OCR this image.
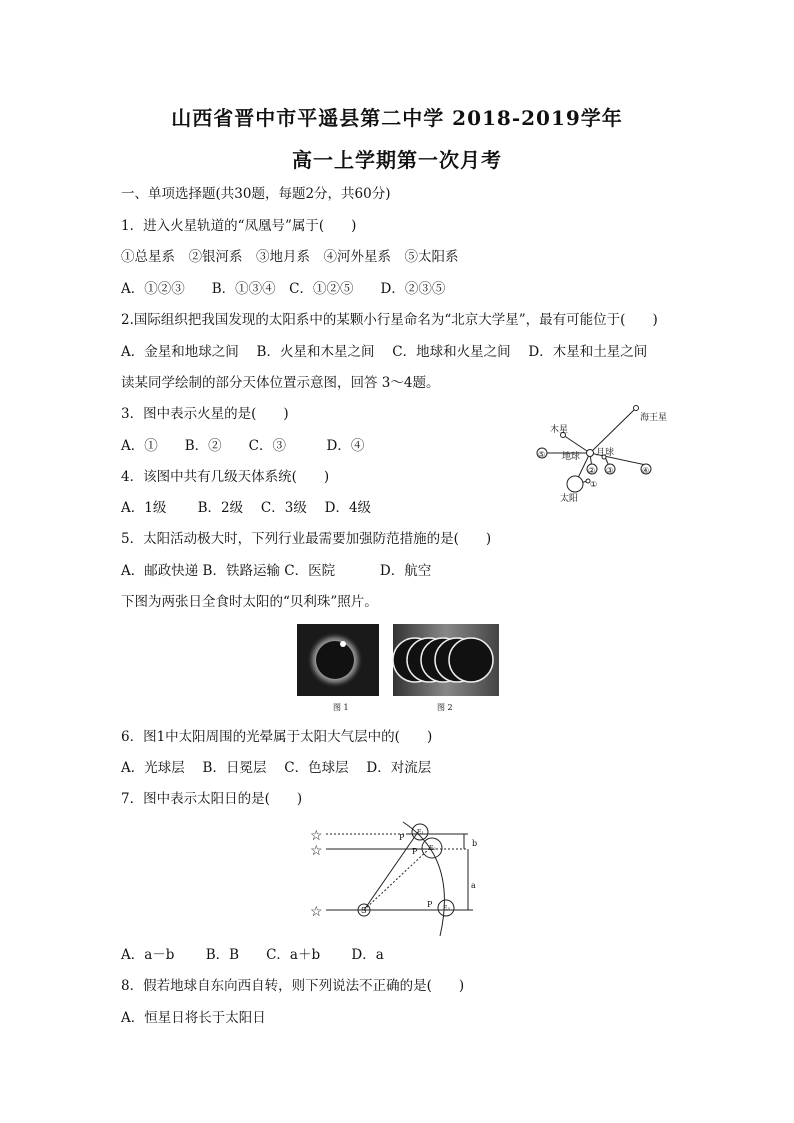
山西省晋中市平遥县第二中学 2018-2019学年
高一上学期第一次月考
一、单项选择题(共30题，每题2分，共60分)
1．进入火星轨道的“凤凰号”属于(　　)
①总星系　②银河系　③地月系　④河外星系　⑤太阳系
A．①②③　　B．①③④　C．①②⑤　　D．②③⑤
2.国际组织把我国发现的太阳系中的某颗小行星命名为“北京大学星”，最有可能位于(　　)
A．金星和地球之间　 B．火星和木星之间　 C．地球和火星之间　 D．木星和土星之间
读某同学绘制的部分天体位置示意图，回答 3～4题。
3．图中表示火星的是(　　)
A．①　　B．②　　C．③　　　D．④
4．该图中共有几级天体系统(　　)
A．1级　　 B．2级　 C．3级　 D．4级
5．太阳活动极大时，下列行业最需要加强防范措施的是(　　)
A．邮政快递 B．铁路运输 C．医院　　　 D．航空
下图为两张日全食时太阳的“贝利珠”照片。
海王星
木星
地球 月球
太阳
⑤
② ③	④
①
图 1	图 2
6．图1中太阳周围的光晕属于太阳大气层中的(　　)
A．光球层　 B．日冕层　 C．色球层　 D．对流层
7．图中表示太阳日的是(　　)
☆
☆
☆	S
P
P
P
E₁
E₂
E₃
b
a
A．a－b　　 B．B　　C．a＋b　　 D．a
8．假若地球自东向西自转，则下列说法不正确的是(　　)
A．恒星日将长于太阳日
